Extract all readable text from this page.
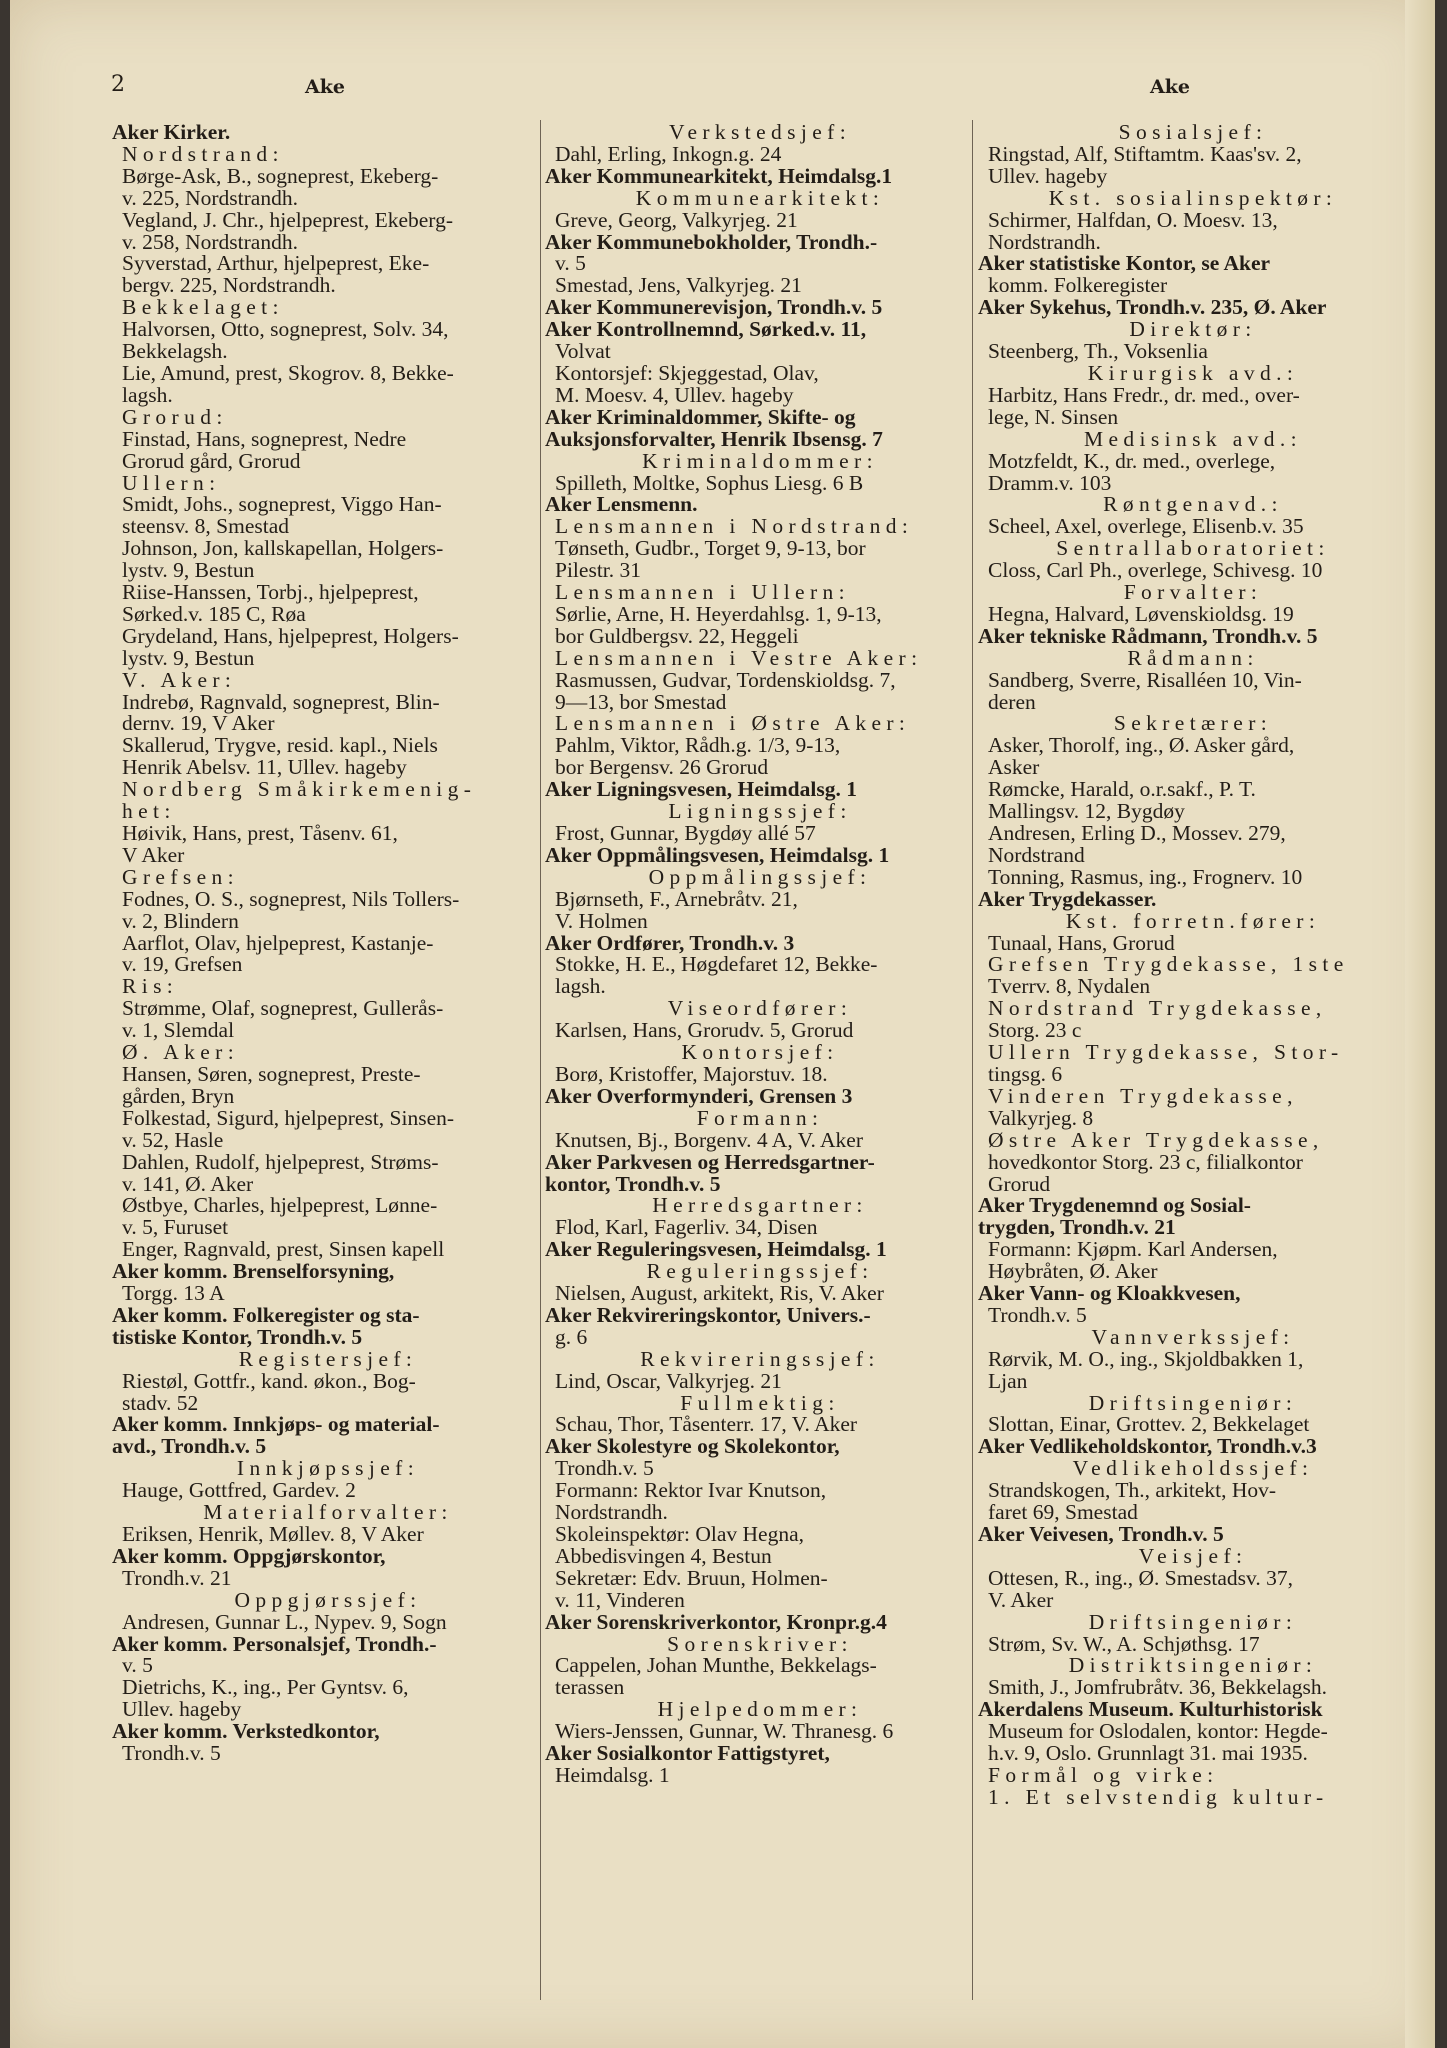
2	Ake	Ake
Aker Kirker.
Nordstrand:
Børge-Ask, B., sogneprest, Ekeberg-
v. 225, Nordstrandh.
Vegland, J. Chr., hjelpeprest, Ekeberg-
v. 258, Nordstrandh.
Syverstad, Arthur, hjelpeprest, Eke-
bergv. 225, Nordstrandh.
Bekkelaget:
Halvorsen, Otto, sogneprest, Solv. 34,
Bekkelagsh.
Lie, Amund, prest, Skogrov. 8, Bekke-
lagsh.
Grorud:
Finstad, Hans, sogneprest, Nedre
Grorud gård, Grorud
Ullern:
Smidt, Johs., sogneprest, Viggo Han-
steensv. 8, Smestad
Johnson, Jon, kallskapellan, Holgers-
lystv. 9, Bestun
Riise-Hanssen, Torbj., hjelpeprest,
Sørked.v. 185 C, Røa
Grydeland, Hans, hjelpeprest, Holgers-
lystv. 9, Bestun
V. Aker:
Indrebø, Ragnvald, sogneprest, Blin-
dernv. 19, V Aker
Skallerud, Trygve, resid. kapl., Niels
Henrik Abelsv. 11, Ullev. hageby
Nordberg Småkirkemenig-
het:
Høivik, Hans, prest, Tåsenv. 61,
V Aker
Grefsen:
Fodnes, O. S., sogneprest, Nils Tollers-
v. 2, Blindern
Aarflot, Olav, hjelpeprest, Kastanje-
v. 19, Grefsen
Ris:
Strømme, Olaf, sogneprest, Gullerås-
v. 1, Slemdal
Ø. Aker:
Hansen, Søren, sogneprest, Preste-
gården, Bryn
Folkestad, Sigurd, hjelpeprest, Sinsen-
v. 52, Hasle
Dahlen, Rudolf, hjelpeprest, Strøms-
v. 141, Ø. Aker
Østbye, Charles, hjelpeprest, Lønne-
v. 5, Furuset
Enger, Ragnvald, prest, Sinsen kapell
Aker komm. Brenselforsyning,
Torgg. 13 A
Aker komm. Folkeregister og sta-
tistiske Kontor, Trondh.v. 5
Registersjef:
Riestøl, Gottfr., kand. økon., Bog-
stadv. 52
Aker komm. Innkjøps- og material-
avd., Trondh.v. 5
Innkjøpssjef:
Hauge, Gottfred, Gardev. 2
Materialforvalter:
Eriksen, Henrik, Møllev. 8, V Aker
Aker komm. Oppgjørskontor,
Trondh.v. 21
Oppgjørssjef:
Andresen, Gunnar L., Nypev. 9, Sogn
Aker komm. Personalsjef, Trondh.-
v. 5
Dietrichs, K., ing., Per Gyntsv. 6,
Ullev. hageby
Aker komm. Verkstedkontor,
Trondh.v. 5
Verkstedsjef:
Dahl, Erling, Inkogn.g. 24
Aker Kommunearkitekt, Heimdalsg.1
Kommunearkitekt:
Greve, Georg, Valkyrjeg. 21
Aker Kommunebokholder, Trondh.-
v. 5
Smestad, Jens, Valkyrjeg. 21
Aker Kommunerevisjon, Trondh.v. 5
Aker Kontrollnemnd, Sørked.v. 11,
Volvat
Kontorsjef: Skjeggestad, Olav,
M. Moesv. 4, Ullev. hageby
Aker Kriminaldommer, Skifte- og
Auksjonsforvalter, Henrik Ibsensg. 7
Kriminaldommer:
Spilleth, Moltke, Sophus Liesg. 6 B
Aker Lensmenn.
Lensmannen i Nordstrand:
Tønseth, Gudbr., Torget 9, 9-13, bor
Pilestr. 31
Lensmannen i Ullern:
Sørlie, Arne, H. Heyerdahlsg. 1, 9-13,
bor Guldbergsv. 22, Heggeli
Lensmannen i Vestre Aker:
Rasmussen, Gudvar, Tordenskioldsg. 7,
9—13, bor Smestad
Lensmannen i Østre Aker:
Pahlm, Viktor, Rådh.g. 1/3, 9-13,
bor Bergensv. 26 Grorud
Aker Ligningsvesen, Heimdalsg. 1
Ligningssjef:
Frost, Gunnar, Bygdøy allé 57
Aker Oppmålingsvesen, Heimdalsg. 1
Oppmålingssjef:
Bjørnseth, F., Arnebråtv. 21,
V. Holmen
Aker Ordfører, Trondh.v. 3
Stokke, H. E., Høgdefaret 12, Bekke-
lagsh.
Viseordfører:
Karlsen, Hans, Grorudv. 5, Grorud
Kontorsjef:
Borø, Kristoffer, Majorstuv. 18.
Aker Overformynderi, Grensen 3
Formann:
Knutsen, Bj., Borgenv. 4 A, V. Aker
Aker Parkvesen og Herredsgartner-
kontor, Trondh.v. 5
Herredsgartner:
Flod, Karl, Fagerliv. 34, Disen
Aker Reguleringsvesen, Heimdalsg. 1
Reguleringssjef:
Nielsen, August, arkitekt, Ris, V. Aker
Aker Rekvireringskontor, Univers.-
g. 6
Rekvireringssjef:
Lind, Oscar, Valkyrjeg. 21
Fullmektig:
Schau, Thor, Tåsenterr. 17, V. Aker
Aker Skolestyre og Skolekontor,
Trondh.v. 5
Formann: Rektor Ivar Knutson,
Nordstrandh.
Skoleinspektør: Olav Hegna,
Abbedisvingen 4, Bestun
Sekretær: Edv. Bruun, Holmen-
v. 11, Vinderen
Aker Sorenskriverkontor, Kronpr.g.4
Sorenskriver:
Cappelen, Johan Munthe, Bekkelags-
terassen
Hjelpedommer:
Wiers-Jenssen, Gunnar, W. Thranesg. 6
Aker Sosialkontor Fattigstyret,
Heimdalsg. 1
Sosialsjef:
Ringstad, Alf, Stiftamtm. Kaas'sv. 2,
Ullev. hageby
Kst. sosialinspektør:
Schirmer, Halfdan, O. Moesv. 13,
Nordstrandh.
Aker statistiske Kontor, se Aker
komm. Folkeregister
Aker Sykehus, Trondh.v. 235, Ø. Aker
Direktør:
Steenberg, Th., Voksenlia
Kirurgisk avd.:
Harbitz, Hans Fredr., dr. med., over-
lege, N. Sinsen
Medisinsk avd.:
Motzfeldt, K., dr. med., overlege,
Dramm.v. 103
Røntgenavd.:
Scheel, Axel, overlege, Elisenb.v. 35
Sentrallaboratoriet:
Closs, Carl Ph., overlege, Schivesg. 10
Forvalter:
Hegna, Halvard, Løvenskioldsg. 19
Aker tekniske Rådmann, Trondh.v. 5
Rådmann:
Sandberg, Sverre, Risalléen 10, Vin-
deren
Sekretærer:
Asker, Thorolf, ing., Ø. Asker gård,
Asker
Rømcke, Harald, o.r.sakf., P. T.
Mallingsv. 12, Bygdøy
Andresen, Erling D., Mossev. 279,
Nordstrand
Tonning, Rasmus, ing., Frognerv. 10
Aker Trygdekasser.
Kst. forretn.fører:
Tunaal, Hans, Grorud
Grefsen Trygdekasse, 1ste
Tverrv. 8, Nydalen
Nordstrand Trygdekasse,
Storg. 23 c
Ullern Trygdekasse, Stor-
tingsg. 6
Vinderen Trygdekasse,
Valkyrjeg. 8
Østre Aker Trygdekasse,
hovedkontor Storg. 23 c, filialkontor
Grorud
Aker Trygdenemnd og Sosial-
trygden, Trondh.v. 21
Formann: Kjøpm. Karl Andersen,
Høybråten, Ø. Aker
Aker Vann- og Kloakkvesen,
Trondh.v. 5
Vannverkssjef:
Rørvik, M. O., ing., Skjoldbakken 1,
Ljan
Driftsingeniør:
Slottan, Einar, Grottev. 2, Bekkelaget
Aker Vedlikeholdskontor, Trondh.v.3
Vedlikeholdssjef:
Strandskogen, Th., arkitekt, Hov-
faret 69, Smestad
Aker Veivesen, Trondh.v. 5
Veisjef:
Ottesen, R., ing., Ø. Smestadsv. 37,
V. Aker
Driftsingeniør:
Strøm, Sv. W., A. Schjøthsg. 17
Distriktsingeniør:
Smith, J., Jomfrubråtv. 36, Bekkelagsh.
Akerdalens Museum. Kulturhistorisk
Museum for Oslodalen, kontor: Hegde-
h.v. 9, Oslo. Grunnlagt 31. mai 1935.
Formål og virke:
1. Et selvstendig kultur-
